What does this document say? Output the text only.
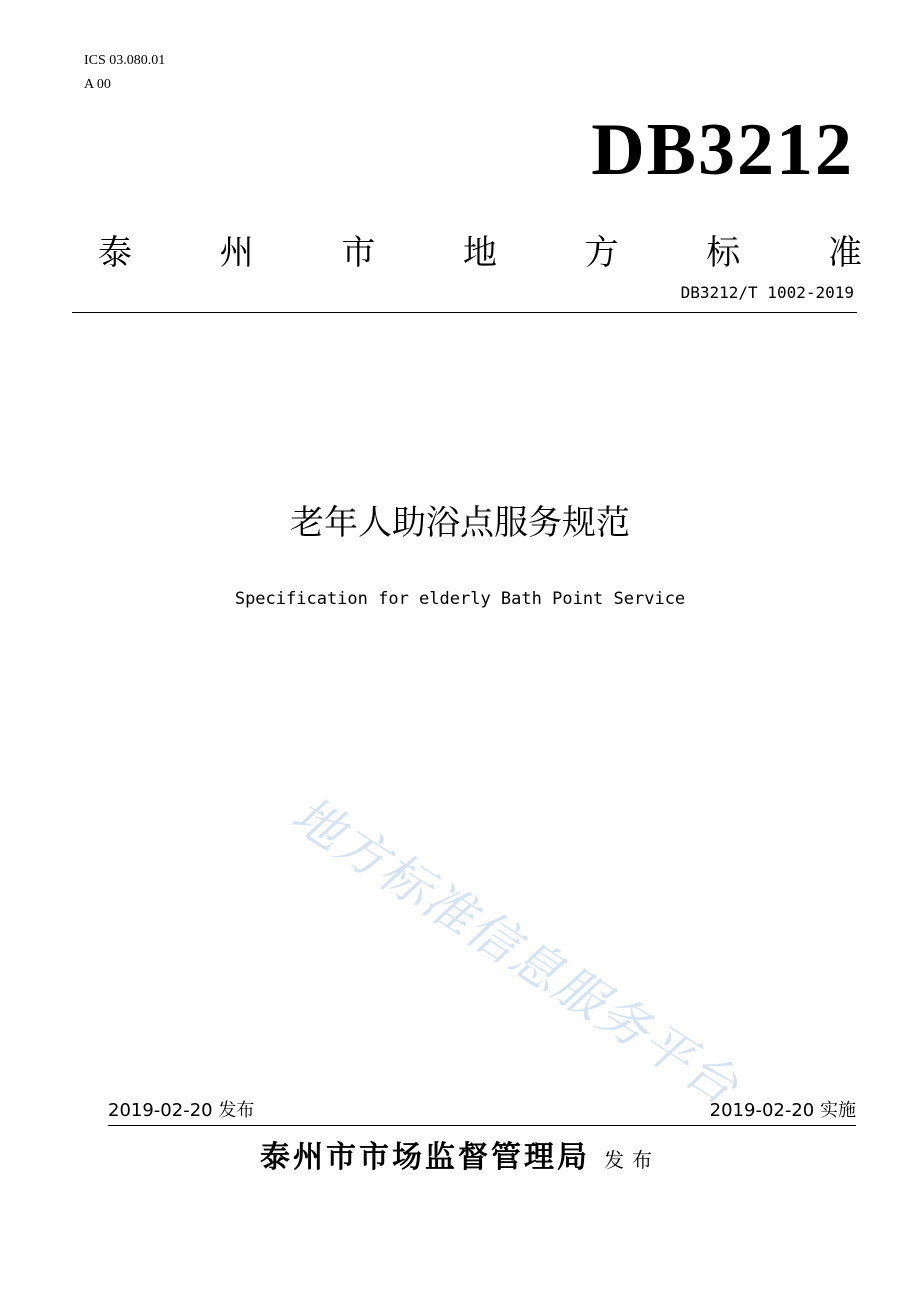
ICS 03.080.01
A 00
DB3212
泰	州	市	地	方	标	准
DB3212/T 1002-2019
老年人助浴点服务规范
Specification for elderly Bath Point Service
地方标准信息服务平台
2019-02-20 发布	2019-02-20 实施
泰州市市场监督管理局 发布
